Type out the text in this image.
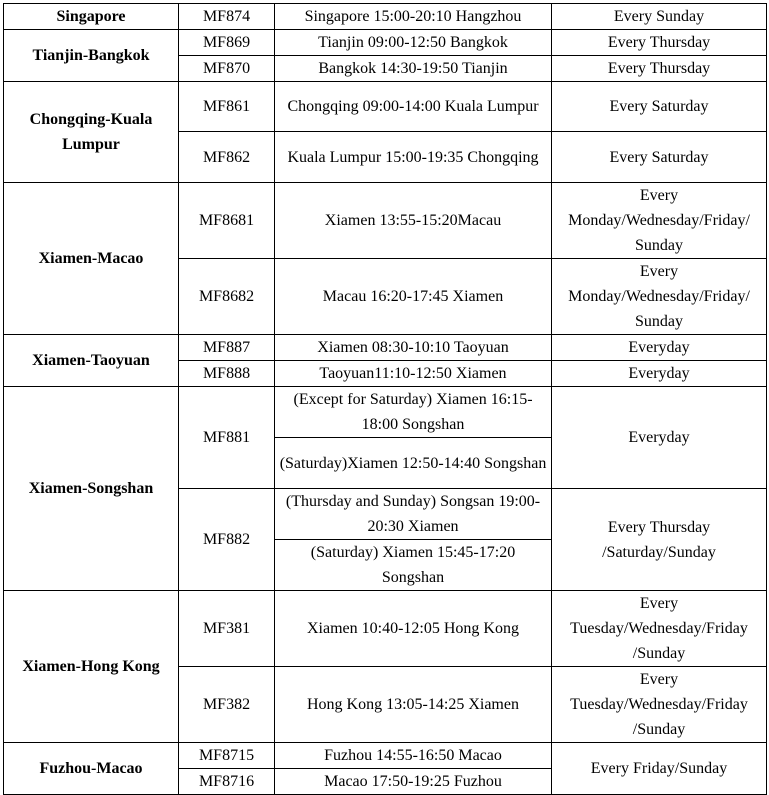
Singapore	MF874	Singapore 15:00-20:10 Hangzhou	Every Sunday
Tianjin-Bangkok	MF869	Tianjin 09:00-12:50 Bangkok	Every Thursday
	MF870	Bangkok 14:30-19:50 Tianjin	Every Thursday
Chongqing-Kuala Lumpur	MF861	Chongqing 09:00-14:00 Kuala Lumpur	Every Saturday
	MF862	Kuala Lumpur 15:00-19:35 Chongqing	Every Saturday
Xiamen-Macao	MF8681	Xiamen 13:55-15:20Macau	Every Monday/Wednesday/Friday/ Sunday
	MF8682	Macau 16:20-17:45 Xiamen	Every Monday/Wednesday/Friday/ Sunday
Xiamen-Taoyuan	MF887	Xiamen 08:30-10:10 Taoyuan	Everyday
	MF888	Taoyuan11:10-12:50 Xiamen	Everyday
Xiamen-Songshan	MF881	(Except for Saturday) Xiamen 16:15-18:00 Songshan	Everyday
		(Saturday)Xiamen 12:50-14:40 Songshan	
	MF882	(Thursday and Sunday) Songsan 19:00-20:30 Xiamen	Every Thursday /Saturday/Sunday
		(Saturday) Xiamen 15:45-17:20 Songshan	
Xiamen-Hong Kong	MF381	Xiamen 10:40-12:05 Hong Kong	Every Tuesday/Wednesday/Friday /Sunday
	MF382	Hong Kong 13:05-14:25 Xiamen	Every Tuesday/Wednesday/Friday /Sunday
Fuzhou-Macao	MF8715	Fuzhou 14:55-16:50 Macao	Every Friday/Sunday
	MF8716	Macao 17:50-19:25 Fuzhou	
